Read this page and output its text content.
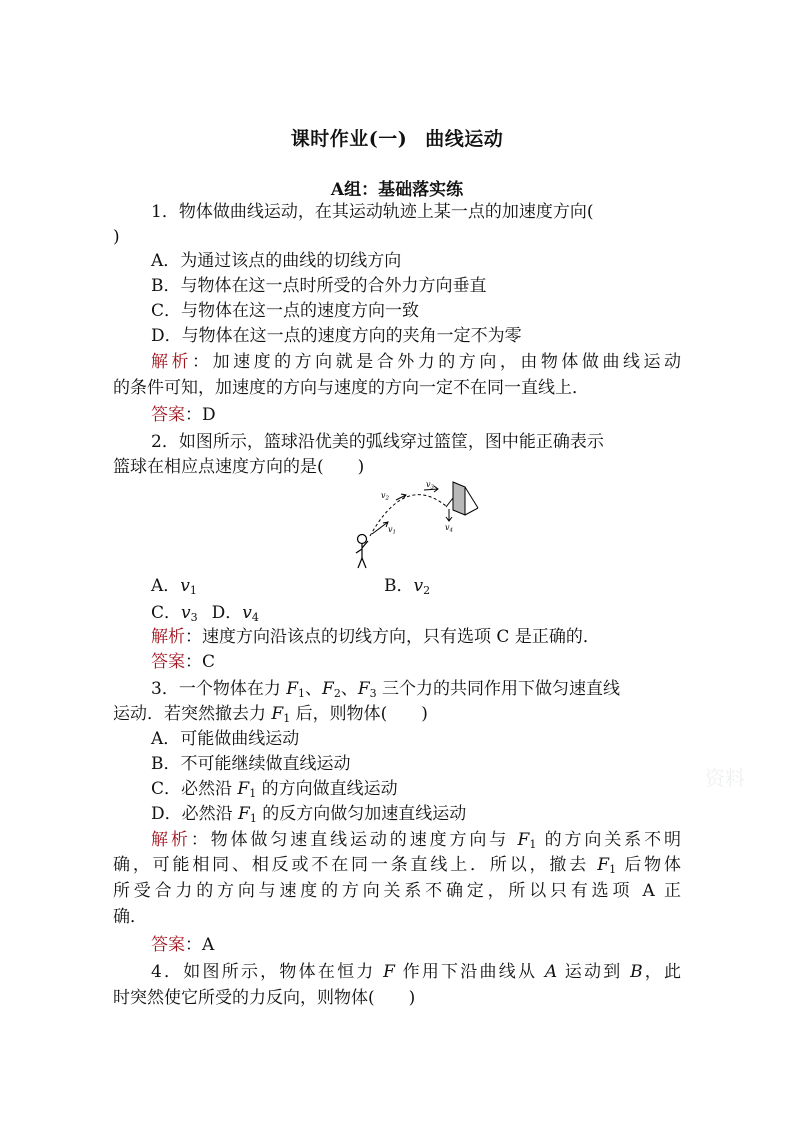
课时作业(一) 曲线运动
A组：基础落实练
1．物体做曲线运动，在其运动轨迹上某一点的加速度方向(
)
A．为通过该点的曲线的切线方向
B．与物体在这一点时所受的合外力方向垂直
C．与物体在这一点的速度方向一致
D．与物体在这一点的速度方向的夹角一定不为零
解析：加速度的方向就是合外力的方向，由物体做曲线运动
的条件可知，加速度的方向与速度的方向一定不在同一直线上．
答案：D
2．如图所示，篮球沿优美的弧线穿过篮筐，图中能正确表示
篮球在相应点速度方向的是(　　)
v1
v2
v3
v4
A．$v_1$	B．$v_2$
C．$v_3$ D．$v_4$
解析：速度方向沿该点的切线方向，只有选项 C 是正确的．
答案：C
3．一个物体在力 $F_1$、$F_2$、$F_3$ 三个力的共同作用下做匀速直线
运动．若突然撤去力 $F_1$ 后，则物体(　　)
A．可能做曲线运动
B．不可能继续做直线运动
C．必然沿 $F_1$ 的方向做直线运动
D．必然沿 $F_1$ 的反方向做匀加速直线运动
解析：物体做匀速直线运动的速度方向与 $F_1$ 的方向关系不明
确，可能相同、相反或不在同一条直线上．所以，撤去 $F_1$ 后物体
所受合力的方向与速度的方向关系不确定，所以只有选项 A 正
确．
答案：A
4．如图所示，物体在恒力 F 作用下沿曲线从 A 运动到 B，此
时突然使它所受的力反向，则物体(　　)
资料
